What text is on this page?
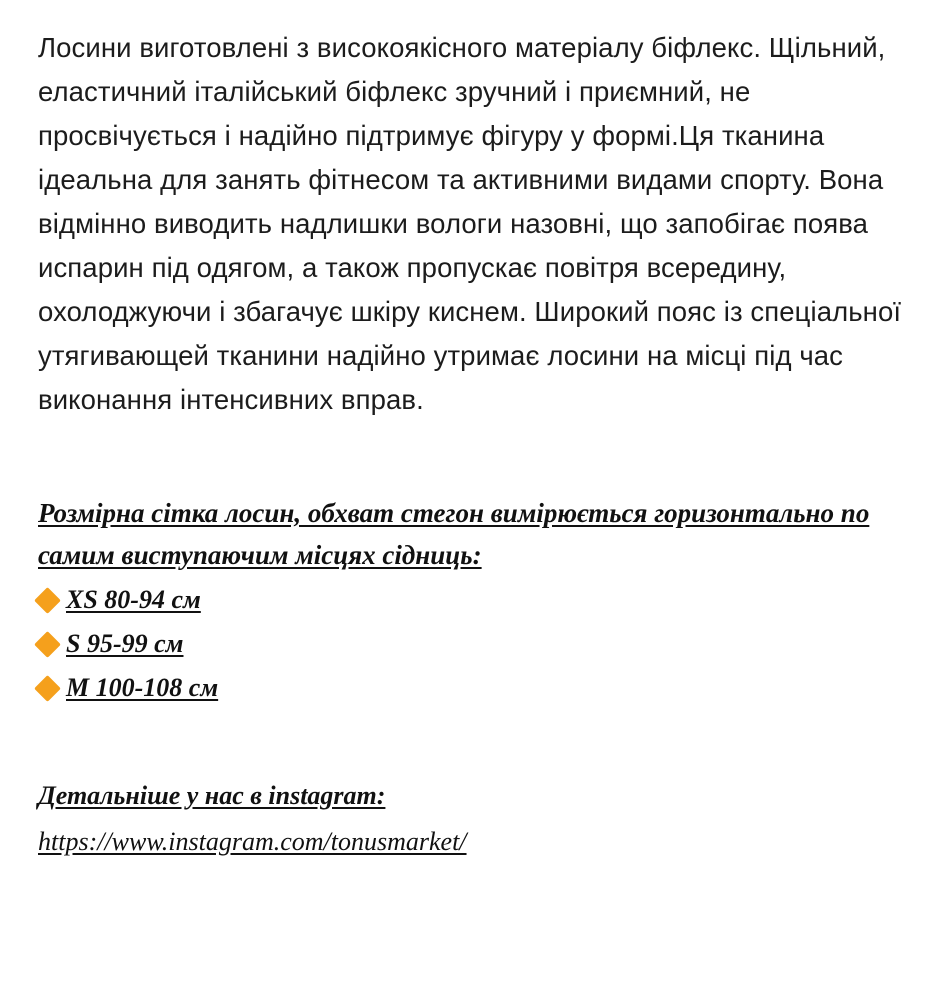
Лосини виготовлені з високоякісного матеріалу біфлекс. Щільний, еластичний італійський біфлекс зручний і приємний, не просвічується і надійно підтримує фігуру у формі.Ця тканина ідеальна для занять фітнесом та активними видами спорту. Вона відмінно виводить надлишки вологи назовні, що запобігає поява испарин під одягом, а також пропускає повітря всередину, охолоджуючи і збагачує шкіру киснем. Широкий пояс із спеціальної утягивающей тканини надійно утримає лосини на місці під час виконання інтенсивних вправ.

Розмірна сітка лосин, обхват стегон вимірюється горизонтально по самим виступаючим місцях сідниць:

XS 80-94 см
S 95-99 см
M 100-108 см

Детальніше у нас в instagram:

https://www.instagram.com/tonusmarket/
